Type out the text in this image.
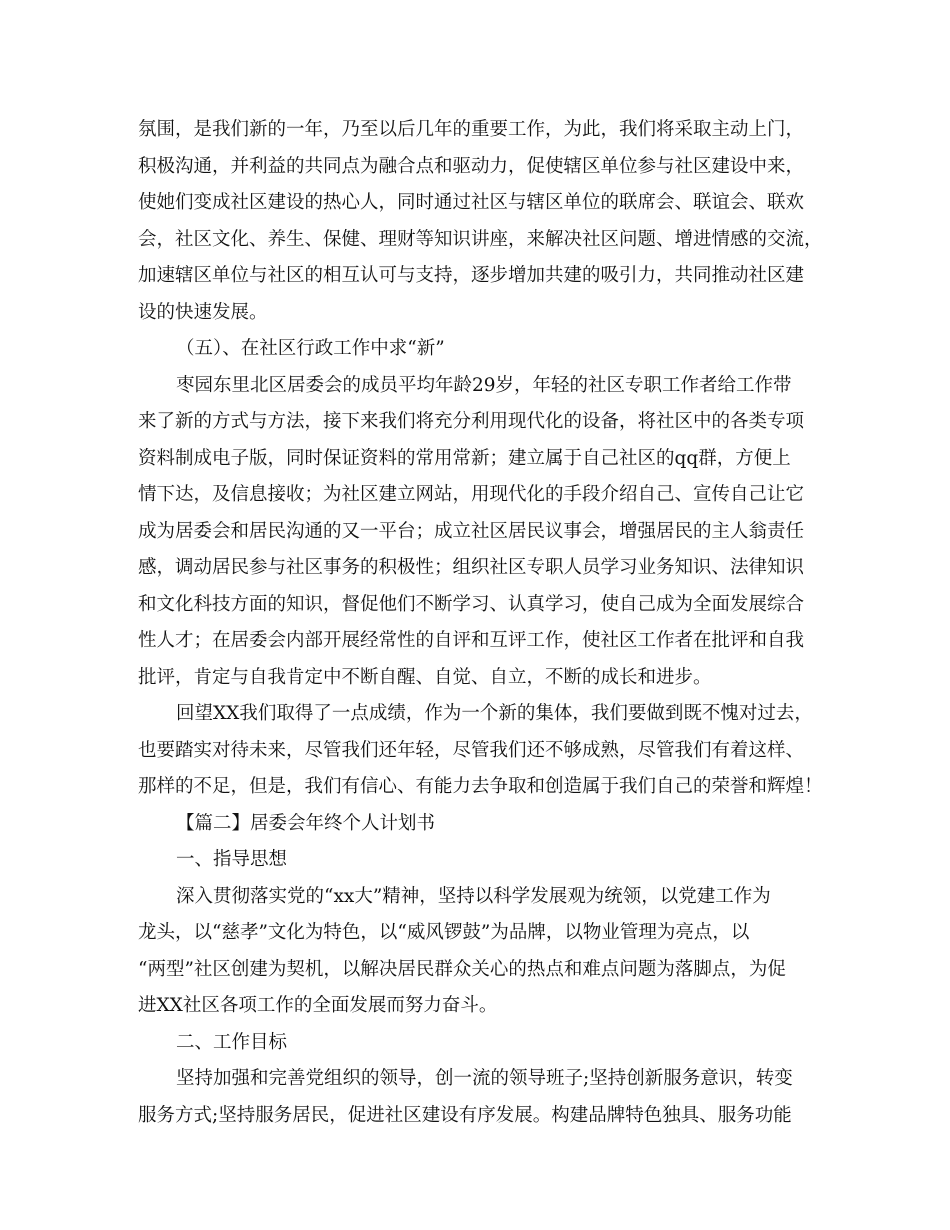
氛围，是我们新的一年，乃至以后几年的重要工作，为此，我们将采取主动上门，
积极沟通，并利益的共同点为融合点和驱动力，促使辖区单位参与社区建设中来，
使她们变成社区建设的热心人，同时通过社区与辖区单位的联席会、联谊会、联欢
会，社区文化、养生、保健、理财等知识讲座，来解决社区问题、增进情感的交流，
加速辖区单位与社区的相互认可与支持，逐步增加共建的吸引力，共同推动社区建
设的快速发展。
（五）、在社区行政工作中求“新”
枣园东里北区居委会的成员平均年龄29岁，年轻的社区专职工作者给工作带
来了新的方式与方法，接下来我们将充分利用现代化的设备，将社区中的各类专项
资料制成电子版，同时保证资料的常用常新；建立属于自己社区的qq群，方便上
情下达，及信息接收；为社区建立网站，用现代化的手段介绍自己、宣传自己让它
成为居委会和居民沟通的又一平台；成立社区居民议事会，增强居民的主人翁责任
感，调动居民参与社区事务的积极性；组织社区专职人员学习业务知识、法律知识
和文化科技方面的知识，督促他们不断学习、认真学习，使自己成为全面发展综合
性人才；在居委会内部开展经常性的自评和互评工作，使社区工作者在批评和自我
批评，肯定与自我肯定中不断自醒、自觉、自立，不断的成长和进步。
回望XX我们取得了一点成绩，作为一个新的集体，我们要做到既不愧对过去，
也要踏实对待未来，尽管我们还年轻，尽管我们还不够成熟，尽管我们有着这样、
那样的不足，但是，我们有信心、有能力去争取和创造属于我们自己的荣誉和辉煌！
【篇二】居委会年终个人计划书
一、指导思想
深入贯彻落实党的“xx大”精神，坚持以科学发展观为统领，以党建工作为
龙头，以“慈孝”文化为特色，以“威风锣鼓”为品牌，以物业管理为亮点，以
“两型”社区创建为契机，以解决居民群众关心的热点和难点问题为落脚点，为促
进XX社区各项工作的全面发展而努力奋斗。
二、工作目标
坚持加强和完善党组织的领导，创一流的领导班子;坚持创新服务意识，转变
服务方式;坚持服务居民，促进社区建设有序发展。构建品牌特色独具、服务功能
